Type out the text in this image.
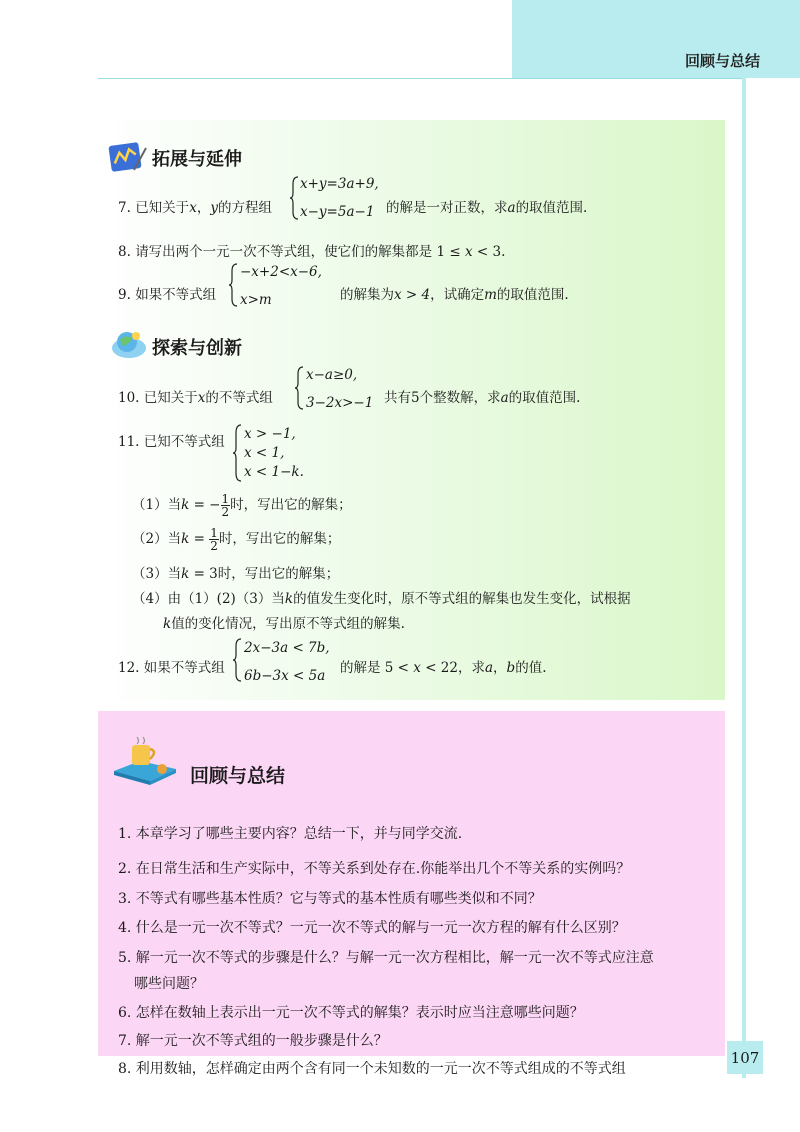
回顾与总结
拓展与延伸
7. 已知关于x，y的方程组
x+y=3a+9,
x−y=5a−1 的解是一对正数，求a的取值范围.
8. 请写出两个一元一次不等式组，使它们的解集都是 1 ≤ x < 3.
9. 如果不等式组
−x+2<x−6,
x>m	的解集为x > 4，试确定m的取值范围.
探索与创新
10. 已知关于x的不等式组
x−a≥0,
3−2x>−1 共有5个整数解，求a的取值范围.
11. 已知不等式组 x > −1,
x < 1,
x < 1−k.
（1）当k = − $\frac{1}{2}$ 时，写出它的解集；
（2）当$k = \frac{1}{2}$ 时，写出它的解集；
（3）当k = 3时，写出它的解集；
（4）由（1）(2)（3）当k的值发生变化时，原不等式组的解集也发生变化，试根据
k值的变化情况，写出原不等式组的解集.
12. 如果不等式组
2x−3a < 7b,
6b−3x < 5a 的解是 5 < x < 22，求a，b的值.
回顾与总结
1. 本章学习了哪些主要内容？总结一下，并与同学交流.
2. 在日常生活和生产实际中，不等关系到处存在.你能举出几个不等关系的实例吗？
3. 不等式有哪些基本性质？它与等式的基本性质有哪些类似和不同？
4. 什么是一元一次不等式？一元一次不等式的解与一元一次方程的解有什么区别？
5. 解一元一次不等式的步骤是什么？与解一元一次方程相比，解一元一次不等式应注意
哪些问题？
6. 怎样在数轴上表示出一元一次不等式的解集？表示时应当注意哪些问题？
7. 解一元一次不等式组的一般步骤是什么？
8. 利用数轴，怎样确定由两个含有同一个未知数的一元一次不等式组成的不等式组
107
